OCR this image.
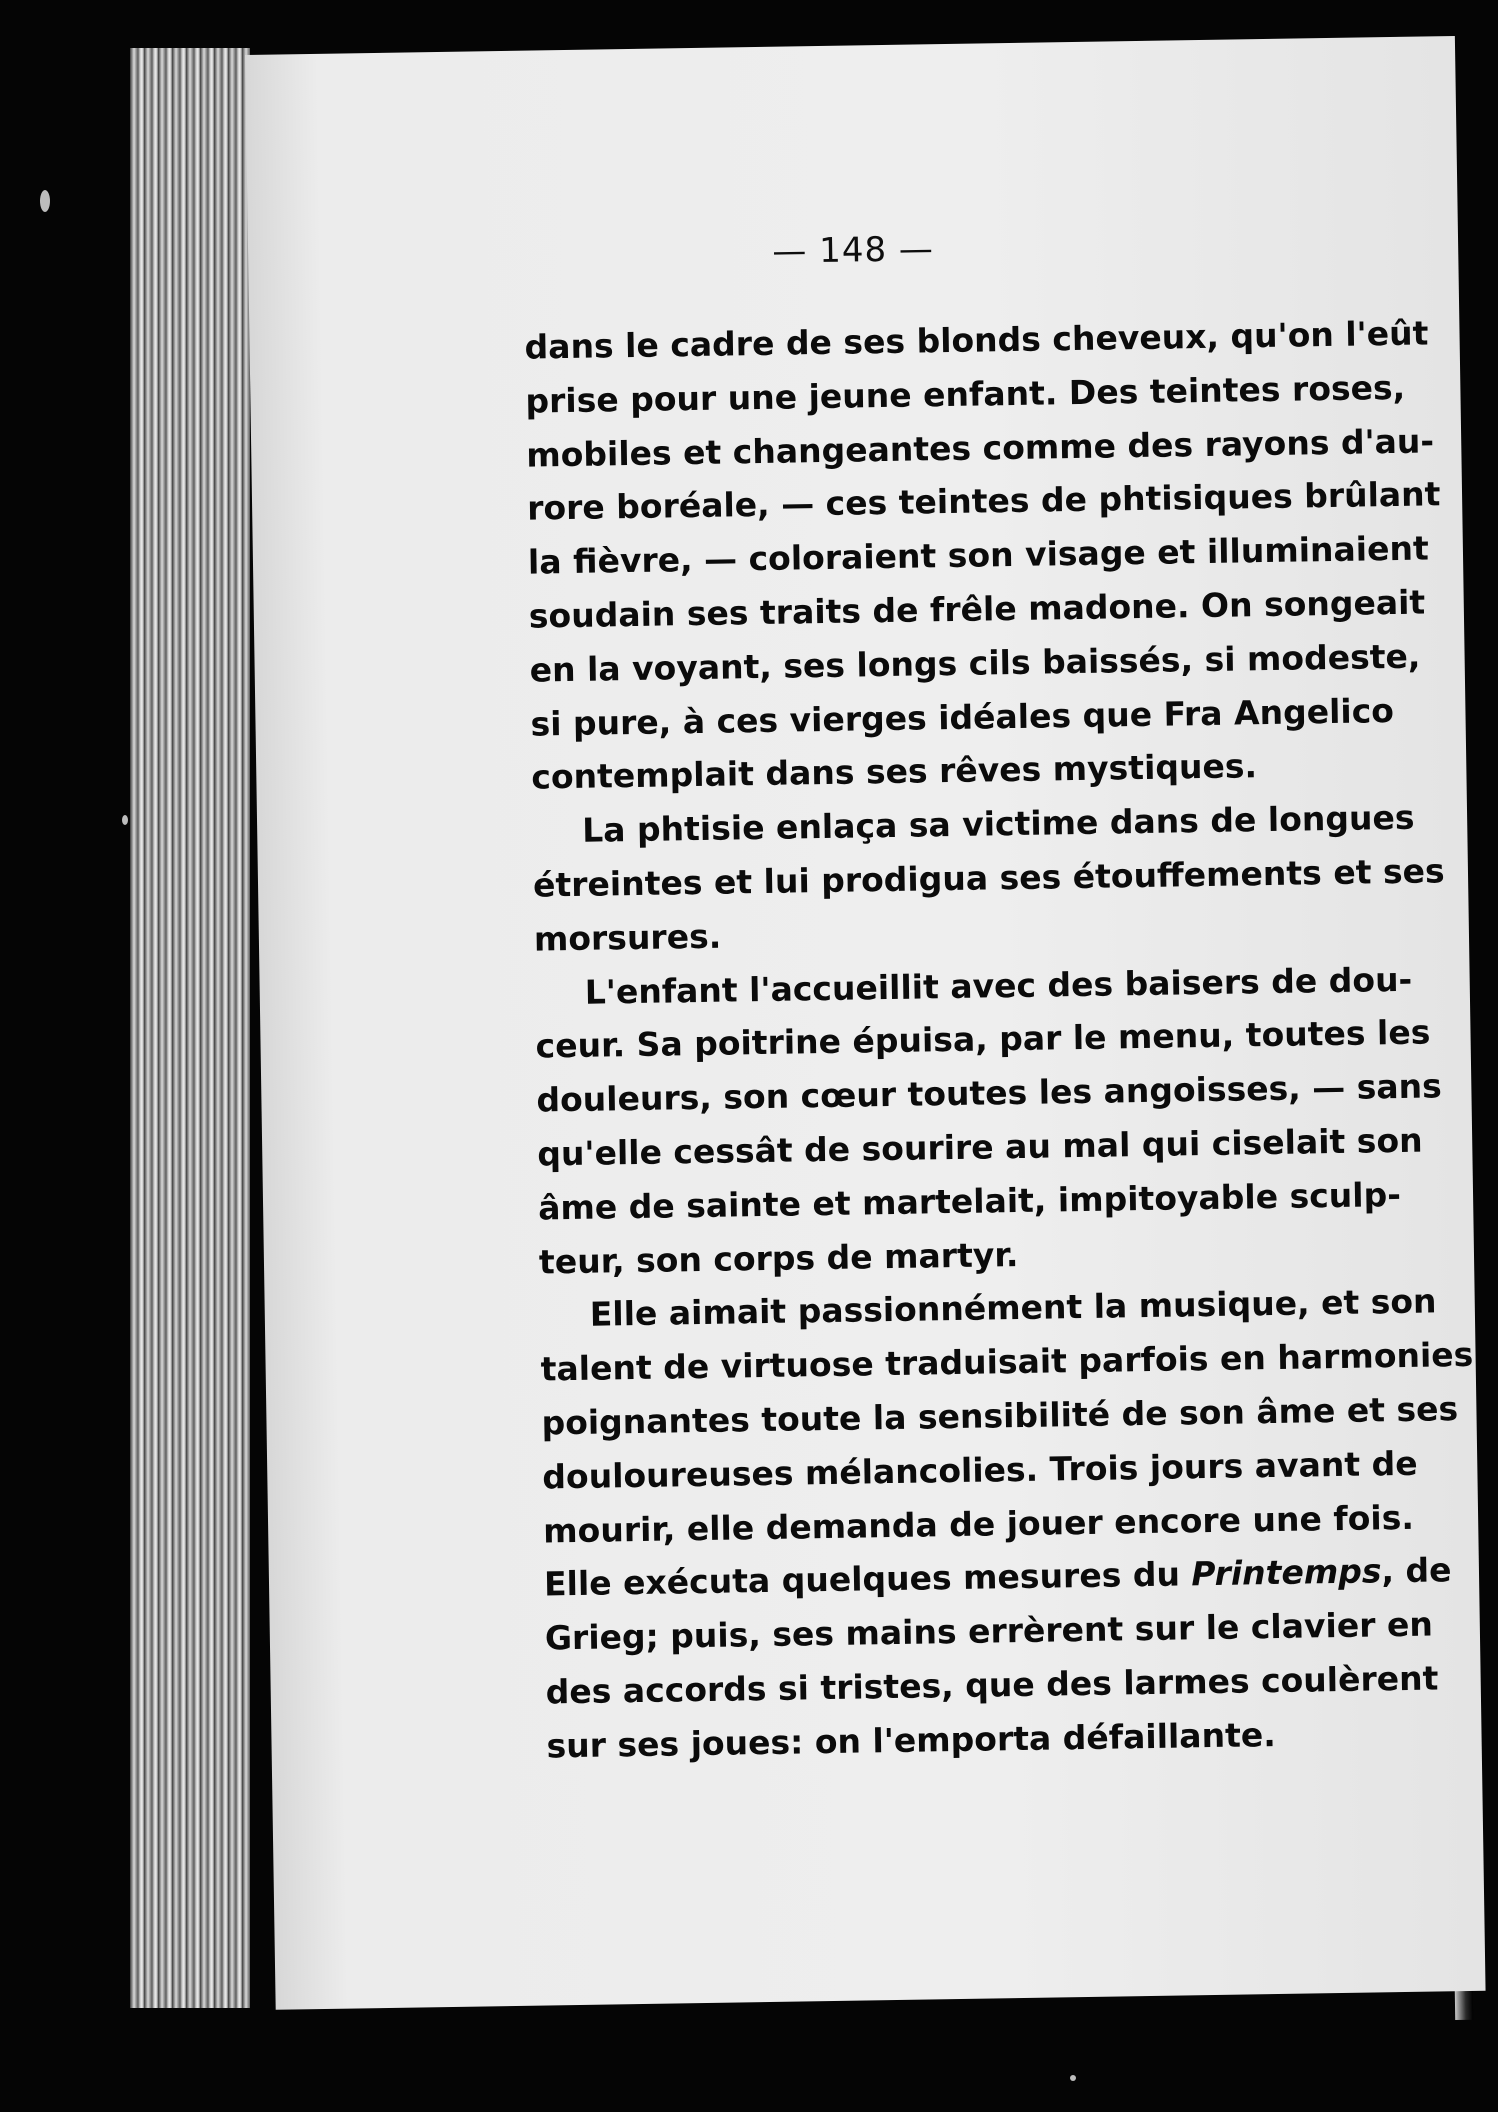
— 148 —
dans le cadre de ses blonds cheveux, qu'on l'eût
prise pour une jeune enfant. Des teintes roses,
mobiles et changeantes comme des rayons d'au-
rore boréale, — ces teintes de phtisiques brûlant
la fièvre, — coloraient son visage et illuminaient
soudain ses traits de frêle madone. On songeait
en la voyant, ses longs cils baissés, si modeste,
si pure, à ces vierges idéales que Fra Angelico
contemplait dans ses rêves mystiques.
La phtisie enlaça sa victime dans de longues
étreintes et lui prodigua ses étouffements et ses
morsures.
L'enfant l'accueillit avec des baisers de dou-
ceur. Sa poitrine épuisa, par le menu, toutes les
douleurs, son cœur toutes les angoisses, — sans
qu'elle cessât de sourire au mal qui ciselait son
âme de sainte et martelait, impitoyable sculp-
teur, son corps de martyr.
Elle aimait passionnément la musique, et son
talent de virtuose traduisait parfois en harmonies
poignantes toute la sensibilité de son âme et ses
douloureuses mélancolies. Trois jours avant de
mourir, elle demanda de jouer encore une fois.
Elle exécuta quelques mesures du Printemps, de
Grieg; puis, ses mains errèrent sur le clavier en
des accords si tristes, que des larmes coulèrent
sur ses joues: on l'emporta défaillante.
